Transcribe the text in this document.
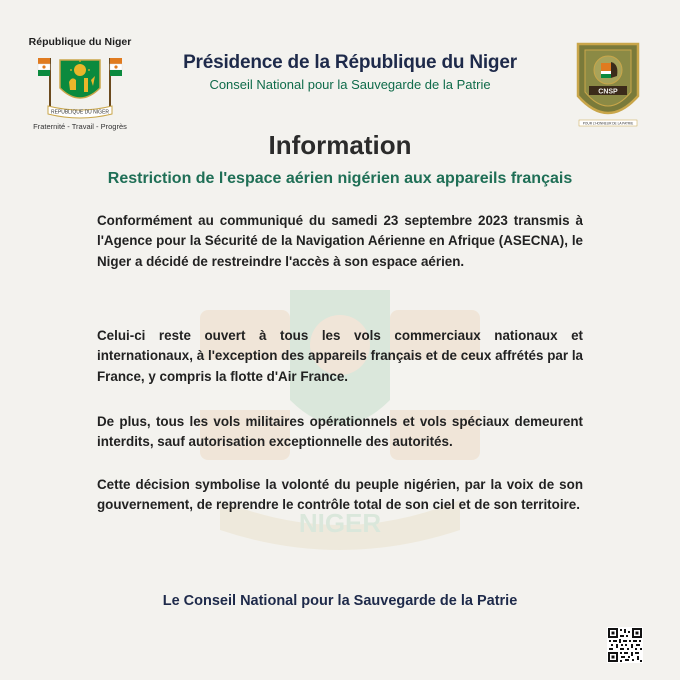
NIGER
République du Niger
REPUBLIQUE DU NIGER
Fraternité - Travail - Progrès
Présidence de la République du Niger
Conseil National pour la Sauvegarde de la Patrie	CNSP
POUR L'HONNEUR DE LA PATRIE
Information
Restriction de l'espace aérien nigérien aux appareils français
Conformément au communiqué du samedi 23 septembre 2023 transmis à l'Agence pour la Sécurité de la Navigation Aérienne en Afrique (ASECNA), le Niger a décidé de restreindre l'accès à son espace aérien.
Celui-ci reste ouvert à tous les vols commerciaux nationaux et internationaux, à l'exception des appareils français et de ceux affrétés par la France, y compris la flotte d'Air France.
De plus, tous les vols militaires opérationnels et vols spéciaux demeurent interdits, sauf autorisation exceptionnelle des autorités.
Cette décision symbolise la volonté du peuple nigérien, par la voix de son gouvernement, de reprendre le contrôle total de son ciel et de son territoire.
Le Conseil National pour la Sauvegarde de la Patrie
